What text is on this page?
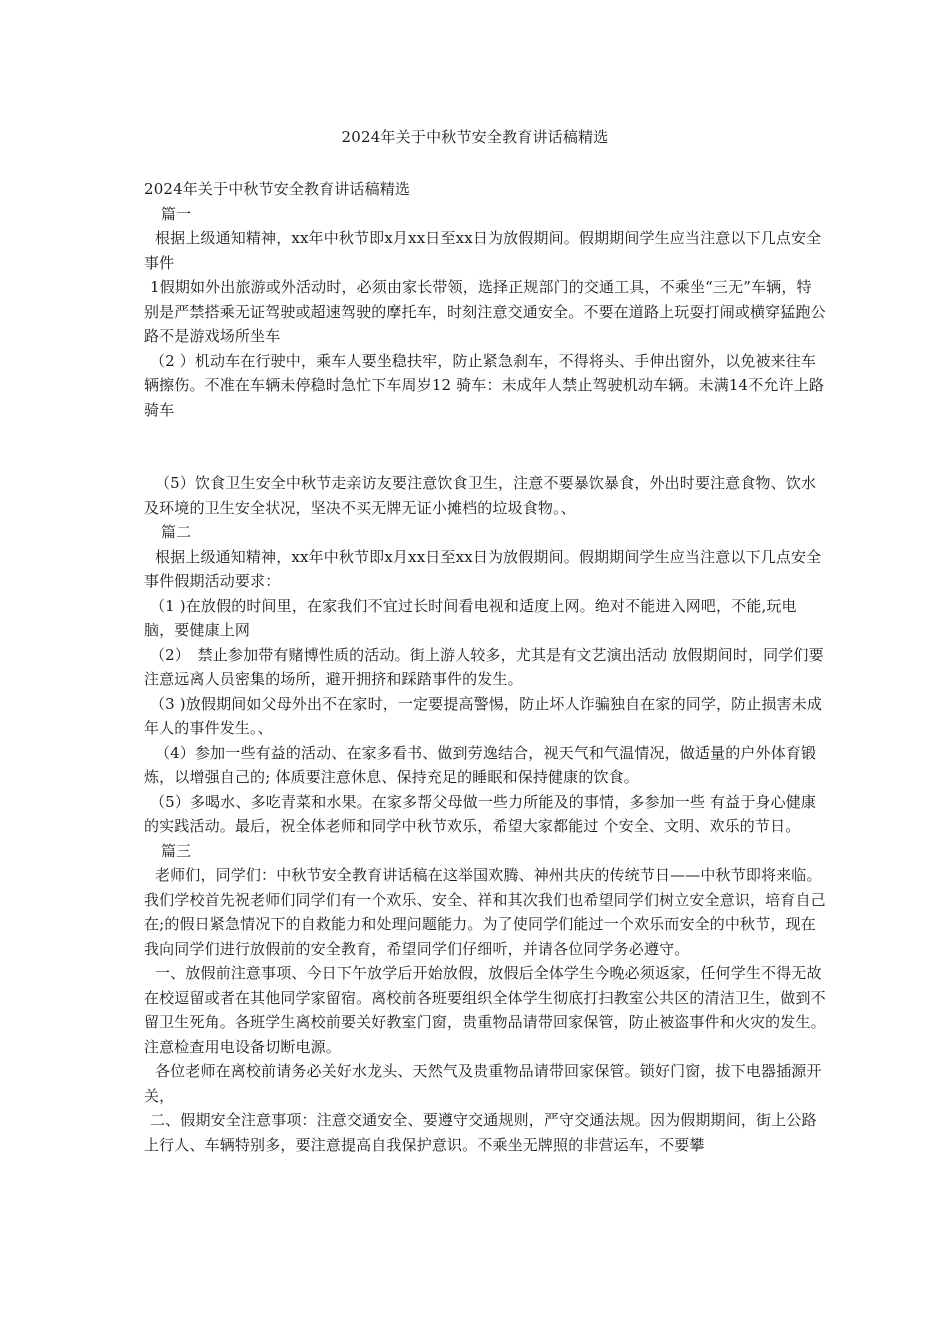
2024年关于中秋节安全教育讲话稿精选

2024年关于中秋节安全教育讲话稿精选

篇一

根据上级通知精神，xx年中秋节即x月xx日至xx日为放假期间。假期期间学生应当注意以下几点安全事件

1假期如外出旅游或外活动时，必须由家长带领，选择正规部门的交通工具，不乘坐“三无”车辆，特别是严禁搭乘无证驾驶或超速驾驶的摩托车，时刻注意交通安全。不要在道路上玩耍打闹或横穿猛跑公路不是游戏场所坐车

（2 ）机动车在行驶中，乘车人要坐稳扶牢，防止紧急刹车，不得将头、手伸出窗外，以免被来往车辆擦伤。不准在车辆未停稳时急忙下车周岁12 骑车：未成年人禁止驾驶机动车辆。未满14不允许上路骑车

（5）饮食卫生安全中秋节走亲访友要注意饮食卫生，注意不要暴饮暴食，外出时要注意食物、饮水及环境的卫生安全状况，坚决不买无牌无证小摊档的垃圾食物。、

篇二

根据上级通知精神，xx年中秋节即x月xx日至xx日为放假期间。假期期间学生应当注意以下几点安全事件假期活动要求：

（1 )在放假的时间里，在家我们不宜过长时间看电视和适度上网。绝对不能进入网吧，不能,玩电脑，要健康上网

（2）　禁止参加带有赌博性质的活动。街上游人较多，尤其是有文艺演出活动 放假期间时，同学们要注意远离人员密集的场所，避开拥挤和踩踏事件的发生。

（3 )放假期间如父母外出不在家时，一定要提高警惕，防止坏人诈骗独自在家的同学，防止损害未成年人的事件发生。、

（4）参加一些有益的活动、在家多看书、做到劳逸结合，视天气和气温情况，做适量的户外体育锻炼，以增强自己的; 体质要注意休息、保持充足的睡眠和保持健康的饮食。

（5）多喝水、多吃青菜和水果。在家多帮父母做一些力所能及的事情，多参加一些 有益于身心健康的实践活动。最后，祝全体老师和同学中秋节欢乐，希望大家都能过 个安全、文明、欢乐的节日。

篇三

老师们，同学们：中秋节安全教育讲话稿在这举国欢腾、神州共庆的传统节日——中秋节即将来临。我们学校首先祝老师们同学们有一个欢乐、安全、祥和其次我们也希望同学们树立安全意识，培育自己在;的假日紧急情况下的自救能力和处理问题能力。为了使同学们能过一个欢乐而安全的中秋节，现在我向同学们进行放假前的安全教育，希望同学们仔细听，并请各位同学务必遵守。

一、放假前注意事项、今日下午放学后开始放假，放假后全体学生今晚必须返家，任何学生不得无故在校逗留或者在其他同学家留宿。离校前各班要组织全体学生彻底打扫教室公共区的清洁卫生，做到不留卫生死角。各班学生离校前要关好教室门窗，贵重物品请带回家保管，防止被盗事件和火灾的发生。注意检查用电设备切断电源。

各位老师在离校前请务必关好水龙头、天然气及贵重物品请带回家保管。锁好门窗，拔下电器插源开关，

二、假期安全注意事项：注意交通安全、要遵守交通规则，严守交通法规。因为假期期间，街上公路上行人、车辆特别多，要注意提高自我保护意识。不乘坐无牌照的非营运车，不要攀
